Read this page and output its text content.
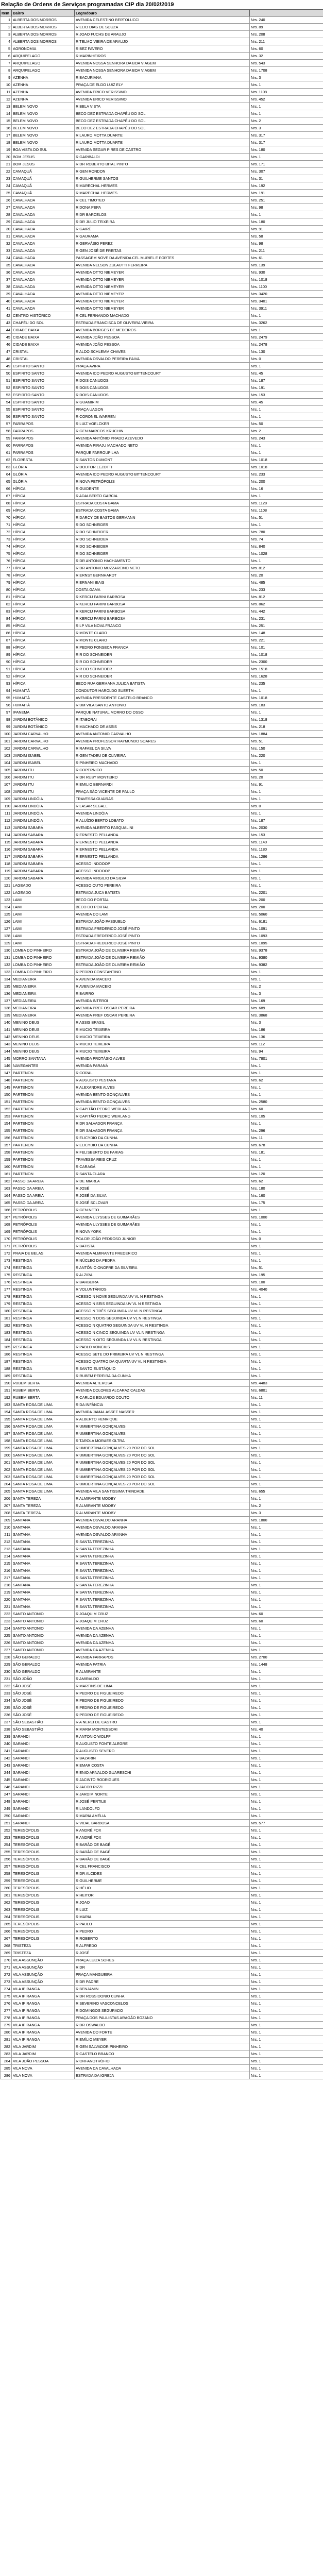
Relação de Ordens de Serviços programadas CIP dia 20/02/2019
Item	Bairro	Logradouro	
1	ALBERTA DOS MORROS	AVENIDA CELESTINO BERTOLUCCI	Nrs. 240
2	ALBERTA DOS MORROS	R ELIO DIAS DE SOUZA	Nrs. 89
3	ALBERTA DOS MORROS	R JOAO FUCHS DE ARAUJO	Nrs. 208
4	ALBERTA DOS MORROS	R TELMO VIEIRA DE ARAUJO	Nrs. 211
5	AGRONOMIA	R BEZ FAVERO	Nrs. 60
6	ARQUIPELAGO	R MARINHEIROS	Nrs. 32
7	ARQUIPELAGO	AVENIDA NOSSA SENHORA DA BOA VIAGEM	Nrs. 543
8	ARQUIPELAGO	AVENIDA NOSSA SENHORA DA BOA VIAGEM	Nrs. 1708
9	AZENHA	R BACURIANA	Nrs. 3
10	AZENHA	PRAÇA DE ELDO LUIZ ELY	Nrs. 1
11	AZENHA	AVENIDA ERICO VERISSIMO	Nrs. 1108
12	AZENHA	AVENIDA ERICO VERISSIMO	Nrs. 452
13	BELEM NOVO	R BELA VISTA	Nrs. 1
14	BELEM NOVO	BECO DEZ ESTRADA CHAPÉU DO SOL	Nrs. 1
15	BELEM NOVO	BECO DEZ ESTRADA CHAPÉU DO SOL	Nrs. 2
16	BELEM NOVO	BECO DEZ ESTRADA CHAPÉU DO SOL	Nrs. 3
17	BELEM NOVO	R LAURO MOTTA DUARTE	Nrs. 317
18	BELEM NOVO	R LAURO MOTTA DUARTE	Nrs. 317
19	BOA VISTA DO SUL	AVENIDA SEGAR PIRES DE CASTRO	Nrs. 180
20	BOM JESUS	R GARIBALDI	Nrs. 1
21	BOM JESUS	R DR ROBERTO BITAL PINTO	Nrs. 171
22	CAMAQUÃ	R GEN RONDON	Nrs. 307
23	CAMAQUÃ	R GUILHERME SANTOS	Nrs. 31
24	CAMAQUÃ	R MARECHAL HERMES	Nrs. 192
25	CAMAQUÃ	R MARECHAL HERMES	Nrs. 191
26	CAVALHADA	R CEL TIMOTEO	Nrs. 251
27	CAVALHADA	R DONA PEPA	Nrs. 98
28	CAVALHADA	R DR BARCELOS	Nrs. 1
29	CAVALHADA	R DR JULIO TEIXEIRA	Nrs. 180
30	CAVALHADA	R GAIRÉ	Nrs. 91
31	CAVALHADA	R GAURAMA	Nrs. 58
32	CAVALHADA	R GERVÁSIO PEREZ	Nrs. 98
33	CAVALHADA	R GEN JOSÉ DE FREITAS	Nrs. 211
34	CAVALHADA	PASSAGEM NOVE DA AVENIDA CEL MURIEL E FORTES	Nrs. 61
35	CAVALHADA	AVENIDA NELSON ZULAUTTI FERREIRA	Nrs. 139
36	CAVALHADA	AVENIDA OTTO NIEMEYER	Nrs. 930
37	CAVALHADA	AVENIDA OTTO NIEMEYER	Nrs. 1018
38	CAVALHADA	AVENIDA OTTO NIEMEYER	Nrs. 1100
39	CAVALHADA	AVENIDA OTTO NIEMEYER	Nrs. 3420
40	CAVALHADA	AVENIDA OTTO NIEMEYER	Nrs. 3401
41	CAVALHADA	AVENIDA OTTO NIEMEYER	Nrs. 3911
42	CENTRO HISTÓRICO	R CEL FERNANDO MACHADO	Nrs. 1
43	CHAPÉU DO SOL	ESTRADA FRANCISCA DE OLIVEIRA VIEIRA	Nrs. 3262
44	CIDADE BAIXA	AVENIDA BORGES DE MEDEIROS	Nrs. 1
45	CIDADE BAIXA	AVENIDA JOÃO PESSOA	Nrs. 2479
46	CIDADE BAIXA	AVENIDA JOÃO PESSOA	Nrs. 2478
47	CRISTAL	R ALDO SCHLEMM CHAVES	Nrs. 130
48	CRISTAL	AVENIDA OSVALDO PEREIRA PAIVA	Nrs. 0
49	ESPIRITO SANTO	PRAÇA AVIRA	Nrs. 1
50	ESPIRITO SANTO	AVENIDA ICO PEDRO AUGUSTO BITTENCOURT	Nrs. 45
51	ESPIRITO SANTO	R DOIS CANUDOS	Nrs. 187
52	ESPIRITO SANTO	R DOIS CANUDOS	Nrs. 191
53	ESPIRITO SANTO	R DOIS CANUDOS	Nrs. 153
54	ESPIRITO SANTO	R GUAMIRIM	Nrs. 45
55	ESPIRITO SANTO	PRAÇA UAGON	Nrs. 1
56	ESPIRITO SANTO	R CORONEL WARREN	Nrs. 1
57	FARRAPOS	R LUIZ VOELCKER	Nrs. 50
58	FARRAPOS	R GEN MARCOS KRUCHIN	Nrs. 2
59	FARRAPOS	AVENIDA ANTÔNIO PRADO AZEVEDO	Nrs. 243
60	FARRAPOS	AVENIDA PIRAJU MACHADO NETO	Nrs. 1
61	FARRAPOS	PARQUE FARROUPILHA	Nrs. 1
62	FLORESTA	R SANTOS DUMONT	Nrs. 1018
63	GLÓRIA	R DOUTOR LEZOTTI	Nrs. 1018
64	GLÓRIA	AVENIDA ICO PEDRO AUGUSTO BITTENCOURT	Nrs. 233
65	GLÓRIA	R NOVA PETRÓPOLIS	Nrs. 200
66	HÍPICA	R GUIDENTE	Nrs. 16
67	HÍPICA	R ADALBERTO GARCIA	Nrs. 1
68	HÍPICA	ESTRADA COSTA GAMA	Nrs. 1128
69	HÍPICA	ESTRADA COSTA GAMA	Nrs. 1108
70	HÍPICA	R DARCY DE BASTOS GERMANN	Nrs. 51
71	HÍPICA	R DO SCHNEIDER	Nrs. 1
72	HÍPICA	R DO SCHNEIDER	Nrs. 780
73	HÍPICA	R DO SCHNEIDER	Nrs. 74
74	HÍPICA	R DO SCHNEIDER	Nrs. 840
75	HÍPICA	R DO SCHNEIDER	Nrs. 1028
76	HÍPICA	R DR ANTONIO HACHAMENTO	Nrs. 1
77	HÍPICA	R DR ANTONIO MUZZAREINO NETO	Nrs. 812
78	HÍPICA	R ERNST BERNHARDT	Nrs. 20
79	HÍPICA	R ERNANI BIAIS	Nrs. 485
80	HÍPICA	COSTA GAMA	Nrs. 233
81	HÍPICA	R KERCIJ FARINI BARBOSA	Nrs. 812
82	HÍPICA	R KERCIJ FARINI BARBOSA	Nrs. 862
83	HÍPICA	R KERCIJ FARINI BARBOSA	Nrs. 442
84	HÍPICA	R KERCIJ FARINI BARBOSA	Nrs. 231
85	HÍPICA	R LP VILA NOVA FRANCO	Nrs. 251
86	HÍPICA	R MONTE CLARO	Nrs. 148
87	HÍPICA	R MONTE CLARO	Nrs. 221
88	HÍPICA	R PEDRO FONSECA FRANCA	Nrs. 101
89	HÍPICA	R R DO SCHNEIDER	Nrs. 1018
90	HÍPICA	R R DO SCHNEIDER	Nrs. 2300
91	HÍPICA	R R DO SCHNEIDER	Nrs. 1518
92	HÍPICA	R R DO SCHNEIDER	Nrs. 1628
93	HÍPICA	BECO RUA GERMANA JULICA BATISTA	Nrs. 235
94	HUMAITÁ	CONDUTOR HAROLDO SUERTH	Nrs. 1
95	HUMAITÁ	AVENIDA PRESIDENTE CASTELO BRANCO	Nrs. 1018
96	HUMAITÁ	R UM VILA SANTO ANTONIO	Nrs. 183
97	IPANEMA	PARQUE NATURAL MORRO DO OSSO	Nrs. 1
98	JARDIM BOTÂNICO	R ITABORAI	Nrs. 1318
99	JARDIM BOTÂNICO	R MACHADO DE ASSIS	Nrs. 218
100	JARDIM CARVALHO	AVENIDA ANTONIO CARVALHO	Nrs. 1884
101	JARDIM CARVALHO	AVENIDA PROFESSOR RAYMUNDO SOARES	Nrs. 51
102	JARDIM CARVALHO	R RAFAEL DA SILVA	Nrs. 150
103	JARDIM ISABEL	R GEN TADEU DE OLIVEIRA	Nrs. 220
104	JARDIM ISABEL	R PINHEIRO MACHADO	Nrs. 1
105	JARDIM ITU	R COPERNICO	Nrs. 50
106	JARDIM ITU	R DR RUBY MONTEIRO	Nrs. 20
107	JARDIM ITU	R EMILIO BERNARDI	Nrs. 91
108	JARDIM ITU	PRAÇA SÃO VICENTE DE PAULO	Nrs. 1
109	JARDIM LINDÓIA	TRAVESSA GUAIRAS	Nrs. 1
110	JARDIM LINDÓIA	R LASAR SEGALL	Nrs. 0
111	JARDIM LINDÓIA	AVENIDA LINDÓIA	Nrs. 1
112	JARDIM LINDÓIA	R ALUÍZIO BERTO LOBATO	Nrs. 187
113	JARDIM SABARÁ	AVENIDA ALBERTO PASQUALINI	Nrs. 2030
114	JARDIM SABARÁ	R ERNESTO PELLANDA	Nrs. 153
115	JARDIM SABARÁ	R ERNESTO PELLANDA	Nrs. 1140
116	JARDIM SABARÁ	R ERNESTO PELLANDA	Nrs. 1180
117	JARDIM SABARÁ	R ERNESTO PELLANDA	Nrs. 1286
118	JARDIM SABARÁ	ACESSO INDOOOP	Nrs. 1
119	JARDIM SABARÁ	ACESSO INDOOOP	Nrs. 1
120	JARDIM SABARÁ	AVENIDA VIRGILIO DA SILVA	Nrs. 1
121	LAGEADO	ACESSO OUTO PEREIRA	Nrs. 1
122	LAGEADO	ESTRADA JUCA BATISTA	Nrs. 2201
123	LAMI	BECO DO PORTAL	Nrs. 200
124	LAMI	BECO DO PORTAL	Nrs. 200
125	LAMI	AVENIDA DO LAMI	Nrs. 5060
126	LAMI	ESTRADA JOÃO PASSUELO	Nrs. 6181
127	LAMI	ESTRADA FREDERICO JOSÉ PINTO	Nrs. 1091
128	LAMI	ESTRADA FREDERICO JOSÉ PINTO	Nrs. 1093
129	LAMI	ESTRADA FREDERICO JOSÉ PINTO	Nrs. 1095
130	LOMBA DO PINHEIRO	ESTRADA JOÃO DE OLIVEIRA REMIÃO	Nrs. 9378
131	LOMBA DO PINHEIRO	ESTRADA JOÃO DE OLIVEIRA REMIÃO	Nrs. 9380
132	LOMBA DO PINHEIRO	ESTRADA JOÃO DE OLIVEIRA REMIÃO	Nrs. 9382
133	LOMBA DO PINHEIRO	R PEDRO CONSTANTINO	Nrs. 1
134	MEDIANEIRA	R AVENIDA MACEIO	Nrs. 1
135	MEDIANEIRA	R AVENIDA MACEIO	Nrs. 2
136	MEDIANEIRA	R BAIRRO	Nrs. 3
137	MEDIANEIRA	AVENIDA INTEROI	Nrs. 169
138	MEDIANEIRA	AVENIDA PREF OSCAR PEREIRA	Nrs. 689
139	MEDIANEIRA	AVENIDA PREF OSCAR PEREIRA	Nrs. 3868
140	MENINO DEUS	R ASSIS BRASIL	Nrs. 3
141	MENINO DEUS	R MUCIO TEIXEIRA	Nrs. 186
142	MENINO DEUS	R MUCIO TEIXEIRA	Nrs. 136
143	MENINO DEUS	R MUCIO TEIXEIRA	Nrs. 112
144	MENINO DEUS	R MUCIO TEIXEIRA	Nrs. 94
145	MORRO SANTANA	AVENIDA PROTÁSIO ALVES	Nrs. 7801
146	NAVEGANTES	AVENIDA PARANÁ	Nrs. 1
147	PARTENON	R CORAL	Nrs. 1
148	PARTENON	R AUGUSTO PESTANA	Nrs. 62
149	PARTENON	R ALEXANDRE ALVES	Nrs. 1
150	PARTENON	AVENIDA BENTO GONÇALVES	Nrs. 1
151	PARTENON	AVENIDA BENTO GONÇALVES	Nrs. 2580
152	PARTENON	R CAPITÃO PEDRO WERLANG	Nrs. 60
153	PARTENON	R CAPITÃO PEDRO WERLANG	Nrs. 105
154	PARTENON	R DR SALVADOR FRANÇA	Nrs. 1
155	PARTENON	R DR SALVADOR FRANÇA	Nrs. 296
156	PARTENON	R ELICYDIO DA CUNHA	Nrs. 11
157	PARTENON	R ELICYDIO DA CUNHA	Nrs. 678
158	PARTENON	R FELISBERTO DE FARIAS	Nrs. 181
159	PARTENON	TRAVESSA REIS CRUZ	Nrs. 1
160	PARTENON	R CARAGÁ	Nrs. 1
161	PARTENON	R SANTA CLARA	Nrs. 120
162	PASSO DA AREIA	R DE MIARLA	Nrs. 62
163	PASSO DA AREIA	R JOSÉ	Nrs. 180
164	PASSO DA AREIA	R JOSÉ DA SILVA	Nrs. 160
165	PASSO DA AREIA	R JOSÉ SCLOVAR	Nrs. 175
166	PETRÓPOLIS	R GEN NETO	Nrs. 1
167	PETRÓPOLIS	AVENIDA ULYSSES DE GUIMARÃES	Nrs. 1000
168	PETRÓPOLIS	AVENIDA ULYSSES DE GUIMARÃES	Nrs. 1
169	PETRÓPOLIS	R NOVA YORK	Nrs. 1
170	PETRÓPOLIS	PCA DR JOÃO PEDROSO JUNIOR	Nrs. 0
171	PETRÓPOLIS	R BATISTA	Nrs. 1
172	PRAIA DE BELAS	AVENIDA ALMIRANTE FREDERICO	Nrs. 1
173	RESTINGA	R NÚCLEO DA PEDRA	Nrs. 1
174	RESTINGA	R ANTÔNIO ONOFRE DA SILVEIRA	Nrs. 51
175	RESTINGA	R ALZIRA	Nrs. 195
176	RESTINGA	R BARBEIRA	Nrs. 100
177	RESTINGA	R VOLUNTÁRIOS	Nrs. 4040
178	RESTINGA	ACESSO N NOVE SEGUINDA UV VL N RESTINGA	Nrs. 1
179	RESTINGA	ACESSO N SEIS SEGUINDA UV VL N RESTINGA	Nrs. 1
180	RESTINGA	ACESSO N TRÊS SEGUINDA UV VL N RESTINGA	Nrs. 1
181	RESTINGA	ACESSO N DOIS SEGUINDA UV VL N RESTINGA	Nrs. 1
182	RESTINGA	ACESSO N QUATRO SEGUINDA UV VL N RESTINGA	Nrs. 1
183	RESTINGA	ACESSO N CINCO SEGUINDA UV VL N RESTINGA	Nrs. 1
184	RESTINGA	ACESSO N OITO SEGUINDA UV VL N RESTINGA	Nrs. 1
185	RESTINGA	R PABLO VONCIUS	Nrs. 1
186	RESTINGA	ACESSO SETE DO PRIMEIRA UV VL N RESTINGA	Nrs. 1
187	RESTINGA	ACESSO QUATRO DA QUARTA UV VL N RESTINGA	Nrs. 1
188	RESTINGA	R SANTO EUSTÁQUIO	Nrs. 1
189	RESTINGA	R RUBEM PEREIRA DA CUNHA	Nrs. 1
190	RUBEM BERTA	AVENIDA ALTEROSA	Nrs. 4483
191	RUBEM BERTA	AVENIDA DOLORES ALCARAZ CALDAS	Nrs. 6801
192	RUBEM BERTA	R CARLOS EDUARDO COUTO	Nrs. 11
193	SANTA ROSA DE LIMA	R DA INFÂNCIA	Nrs. 1
194	SANTA ROSA DE LIMA	AVENIDA JAMAL ASSEF NASSER	Nrs. 1
195	SANTA ROSA DE LIMA	R ALBERTO HENRIQUE	Nrs. 1
196	SANTA ROSA DE LIMA	R UMBERTINA GONÇALVES	Nrs. 1
197	SANTA ROSA DE LIMA	R UMBERTINA GONÇALVES	Nrs. 1
198	SANTA ROSA DE LIMA	R TAROLA MORAES OLTRA	Nrs. 1
199	SANTA ROSA DE LIMA	R UMBERTINA GONÇALVES 20 POR DO SOL	Nrs. 1
200	SANTA ROSA DE LIMA	R UMBERTINA GONÇALVES 20 POR DO SOL	Nrs. 1
201	SANTA ROSA DE LIMA	R UMBERTINA GONÇALVES 20 POR DO SOL	Nrs. 1
202	SANTA ROSA DE LIMA	R UMBERTINA GONÇALVES 20 POR DO SOL	Nrs. 1
203	SANTA ROSA DE LIMA	R UMBERTINA GONÇALVES 20 POR DO SOL	Nrs. 1
204	SANTA ROSA DE LIMA	R UMBERTINA GONÇALVES 20 POR DO SOL	Nrs. 1
205	SANTA ROSA DE LIMA	AVENIDA VILA SANTISSIMA TRINDADE	Nrs. 655
206	SANTA TEREZA	R ALMIRANTE MOOBY	Nrs. 1
207	SANTA TEREZA	R ALMIRANTE MOOBY	Nrs. 2
208	SANTA TEREZA	R ALMIRANTE MOOBY	Nrs. 3
209	SANTANA	AVENIDA OSVALDO ARANHA	Nrs. 1800
210	SANTANA	AVENIDA OSVALDO ARANHA	Nrs. 1
211	SANTANA	AVENIDA OSVALDO ARANHA	Nrs. 1
212	SANTANA	R SANTA TEREZINHA	Nrs. 1
213	SANTANA	R SANTA TEREZINHA	Nrs. 1
214	SANTANA	R SANTA TEREZINHA	Nrs. 1
215	SANTANA	R SANTA TEREZINHA	Nrs. 1
216	SANTANA	R SANTA TEREZINHA	Nrs. 1
217	SANTANA	R SANTA TEREZINHA	Nrs. 1
218	SANTANA	R SANTA TEREZINHA	Nrs. 1
219	SANTANA	R SANTA TEREZINHA	Nrs. 1
220	SANTANA	R SANTA TEREZINHA	Nrs. 1
221	SANTANA	R SANTA TEREZINHA	Nrs. 1
222	SANTO ANTONIO	R JOAQUIM CRUZ	Nrs. 60
223	SANTO ANTONIO	R JOAQUIM CRUZ	Nrs. 60
224	SANTO ANTONIO	AVENIDA DA AZENHA	Nrs. 1
225	SANTO ANTONIO	AVENIDA DA AZENHA	Nrs. 1
226	SANTO ANTONIO	AVENIDA DA AZENHA	Nrs. 1
227	SANTO ANTONIO	AVENIDA DA AZENHA	Nrs. 1
228	SÃO GERALDO	AVENIDA FARRAPOS	Nrs. 2700
229	SÃO GERALDO	AVENIDA PATRIA	Nrs. 1448
230	SÃO GERALDO	R ALMIRANTE	Nrs. 1
231	SÃO JOÃO	R AMIRALDO	Nrs. 1
232	SÃO JOSÉ	R MARTINS DE LIMA	Nrs. 1
233	SÃO JOSÉ	R PEDRO DE FIGUEIREDO	Nrs. 1
234	SÃO JOSÉ	R PEDRO DE FIGUEIREDO	Nrs. 1
235	SÃO JOSÉ	R PEDRO DE FIGUEIREDO	Nrs. 1
236	SÃO JOSÉ	R PEDRO DE FIGUEIREDO	Nrs. 1
237	SÃO SEBASTIÃO	R A NEREI DE CASTRO	Nrs. 1
238	SÃO SEBASTIÃO	R MARIA MONTESSORI	Nrs. 40
239	SARANDI	R ANTONIO WOLFF	Nrs. 1
240	SARANDI	R AUGUSTO FONTE ALEGRE	Nrs. 1
241	SARANDI	R AUGUSTO SEVERO	Nrs. 1
242	SARANDI	R BAZARIN	Nrs. 1
243	SARANDI	R EMAR COSTA	Nrs. 1
244	SARANDI	R ENIO ARNALDO GUARESCHI	Nrs. 1
245	SARANDI	R JACINTO RODRIGUES	Nrs. 1
246	SARANDI	R JACOB RIZZI	Nrs. 1
247	SARANDI	R JARDIM NORTE	Nrs. 1
248	SARANDI	R JOSÉ PERTILE	Nrs. 1
249	SARANDI	R LANDOLFO	Nrs. 1
250	SARANDI	R MARIA AMÉLIA	Nrs. 1
251	SARANDI	R VIDAL BARBOSA	Nrs. 577
252	TERESÓPOLIS	R ANDRÉ FOX	Nrs. 1
253	TERESÓPOLIS	R ANDRÉ FOX	Nrs. 1
254	TERESÓPOLIS	R BARÃO DE BAGÉ	Nrs. 1
255	TERESÓPOLIS	R BARÃO DE BAGÉ	Nrs. 1
256	TERESÓPOLIS	R BARÃO DE BAGÉ	Nrs. 1
257	TERESÓPOLIS	R CEL FRANCISCO	Nrs. 1
258	TERESÓPOLIS	R DR ALCIDES	Nrs. 1
259	TERESÓPOLIS	R GUILHERME	Nrs. 1
260	TERESÓPOLIS	R HÉLIO	Nrs. 1
261	TERESÓPOLIS	R HEITOR	Nrs. 1
262	TERESÓPOLIS	R JOAO	Nrs. 1
263	TERESÓPOLIS	R LUIZ	Nrs. 1
264	TERESÓPOLIS	R MARIA	Nrs. 1
265	TERESÓPOLIS	R PAULO	Nrs. 1
266	TERESÓPOLIS	R PEDRO	Nrs. 1
267	TERESÓPOLIS	R ROBERTO	Nrs. 1
268	TRISTEZA	R ALFREDO	Nrs. 1
269	TRISTEZA	R JOSÉ	Nrs. 1
270	VILA ASSUNÇÃO	PRAÇA LUIZA SORES	Nrs. 1
271	VILA ASSUNÇÃO	R DR	Nrs. 1
272	VILA ASSUNÇÃO	PRAÇA MANGUEIRA	Nrs. 1
273	VILA ASSUNÇÃO	R DR PADRE	Nrs. 1
274	VILA IPIRANGA	R BENJAMIN	Nrs. 1
275	VILA IPIRANGA	R DR ROSSIDONIO CUNHA	Nrs. 1
276	VILA IPIRANGA	R SEVERINO VASCONCELOS	Nrs. 1
277	VILA IPIRANGA	R DOMINGOS SEGURADO	Nrs. 1
278	VILA IPIRANGA	PRAÇA DOS PAULISTAS ARAGÃO BOZANO	Nrs. 1
279	VILA IPIRANGA	R DR OSWALDO	Nrs. 1
280	VILA IPIRANGA	AVENIDA DO FORTE	Nrs. 1
281	VILA IPIRANGA	R EMÍLIO MEYER	Nrs. 1
282	VILA JARDIM	R GEN SALVADOR PINHEIRO	Nrs. 1
283	VILA JARDIM	R CASTELO BRANCO	Nrs. 1
284	VILA JOÃO PESSOA	R ORFANOTRÓFIO	Nrs. 1
285	VILA NOVA	AVENIDA DA CAVALHADA	Nrs. 1
286	VILA NOVA	ESTRADA DA IGREJA	Nrs. 1
